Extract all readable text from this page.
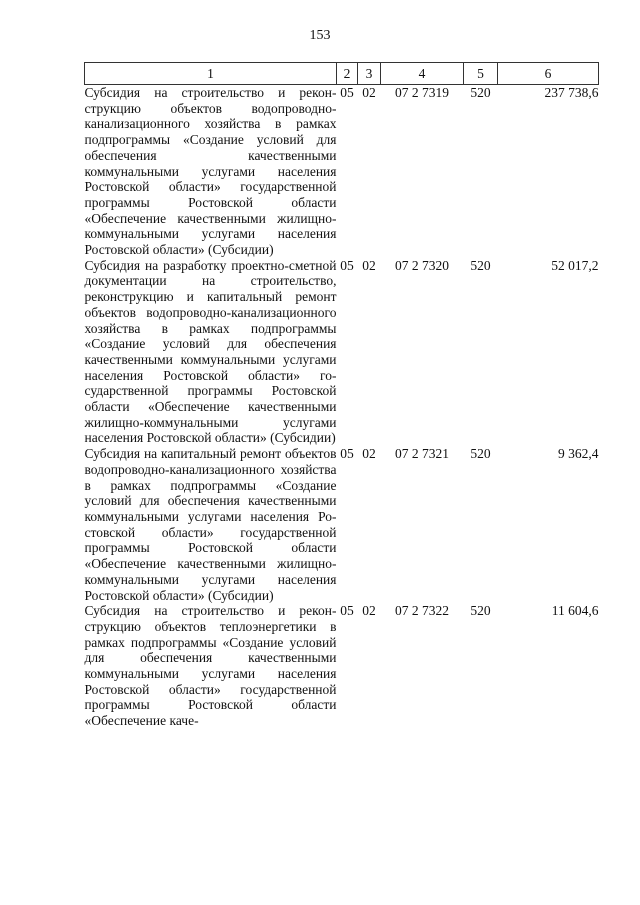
153
1	2	3	4	5	6
Субсидия на строительство и реконструкцию объектов водопроводно-канализационного хозяйства в рамках подпрограммы «Создание условий для обеспечения качественными коммунальными услугами населения Ростовской области» государственной программы Ростовской области «Обеспечение качественными жилищно-коммунальными услугами населения Ростовской области» (Субсидии)	05	02	07 2 7319	520	237 738,6
Субсидия на разработку проектно-сметной документации на строительство, реконструкцию и капитальный ремонт объектов водопроводно-канализационного хозяйства в рамках подпрограммы «Создание условий для обеспечения качественными коммунальными услугами населения Ростовской области» государственной программы Ростовской области «Обеспечение качественными жилищно-коммунальными услугами населения Ростовской области» (Субсидии)	05	02	07 2 7320	520	52 017,2
Субсидия на капитальный ремонт объектов водопроводно-канализационного хозяйства в рамках подпрограммы «Создание условий для обеспечения качественными коммунальными услугами населения Ростовской области» государственной программы Ростовской области «Обеспечение качественными жилищно-коммунальными услугами населения Ростовской области» (Субсидии)	05	02	07 2 7321	520	9 362,4
Субсидия на строительство и реконструкцию объектов теплоэнергетики в рамках подпрограммы «Создание условий для обеспечения качественными коммунальными услугами населения Ростовской области» государственной программы Ростовской области «Обеспечение каче-	05	02	07 2 7322	520	11 604,6
